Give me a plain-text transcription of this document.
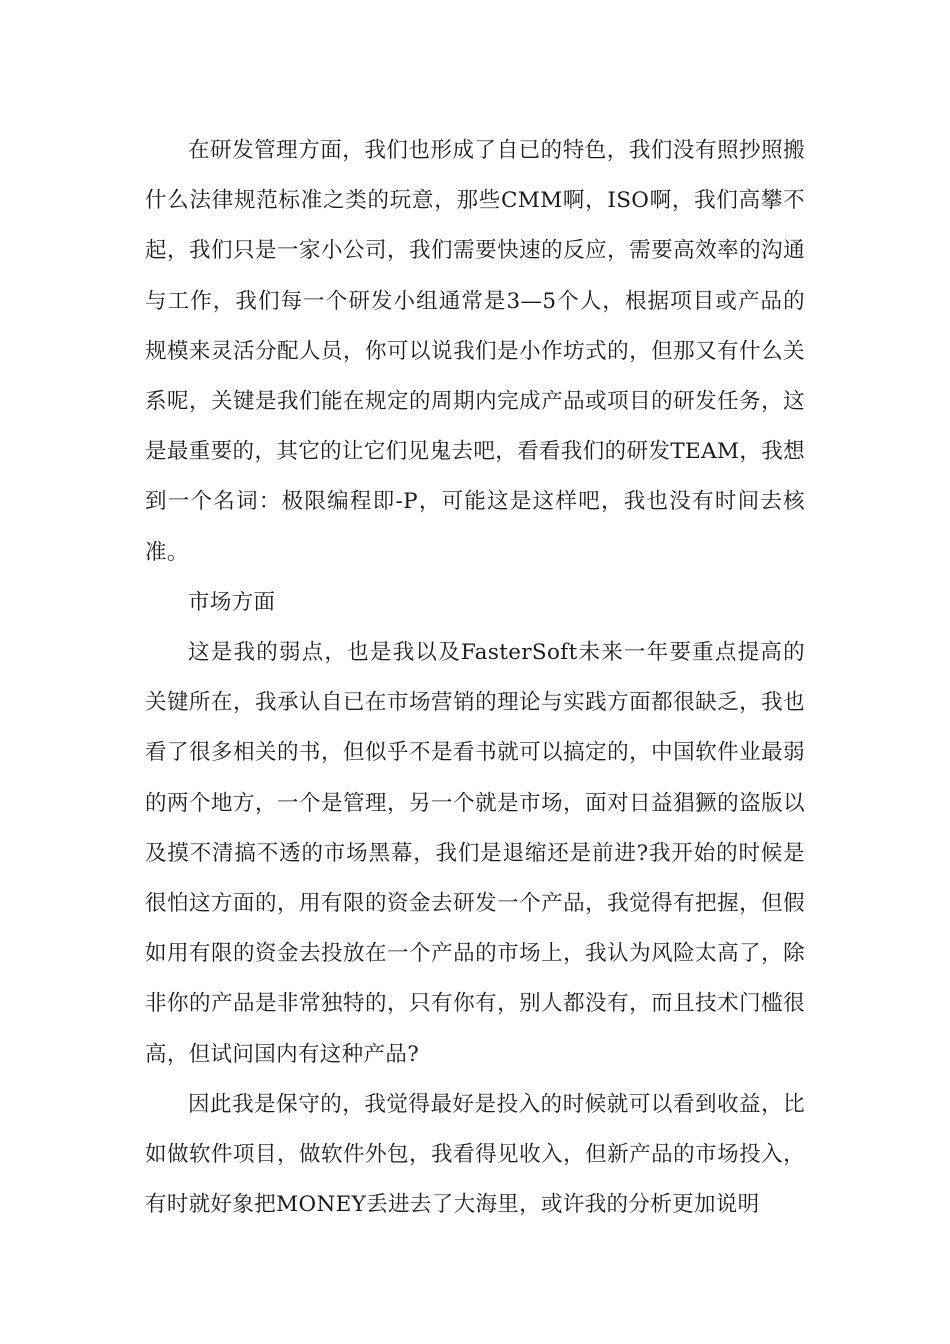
在研发管理方面，我们也形成了自已的特色，我们没有照抄照搬什么法律规范标准之类的玩意，那些CMM啊，ISO啊，我们高攀不起，我们只是一家小公司，我们需要快速的反应，需要高效率的沟通与工作，我们每一个研发小组通常是3—5个人，根据项目或产品的规模来灵活分配人员，你可以说我们是小作坊式的，但那又有什么关系呢，关键是我们能在规定的周期内完成产品或项目的研发任务，这是最重要的，其它的让它们见鬼去吧，看看我们的研发TEAM，我想到一个名词：极限编程即-P，可能这是这样吧，我也没有时间去核准。

市场方面

这是我的弱点，也是我以及FasterSoft未来一年要重点提高的关键所在，我承认自已在市场营销的理论与实践方面都很缺乏，我也看了很多相关的书，但似乎不是看书就可以搞定的，中国软件业最弱的两个地方，一个是管理，另一个就是市场，面对日益猖獗的盗版以及摸不清搞不透的市场黑幕，我们是退缩还是前进?我开始的时候是很怕这方面的，用有限的资金去研发一个产品，我觉得有把握，但假如用有限的资金去投放在一个产品的市场上，我认为风险太高了，除非你的产品是非常独特的，只有你有，别人都没有，而且技术门槛很高，但试问国内有这种产品?

因此我是保守的，我觉得最好是投入的时候就可以看到收益，比如做软件项目，做软件外包，我看得见收入，但新产品的市场投入，有时就好象把MONEY丢进去了大海里，或许我的分析更加说明
